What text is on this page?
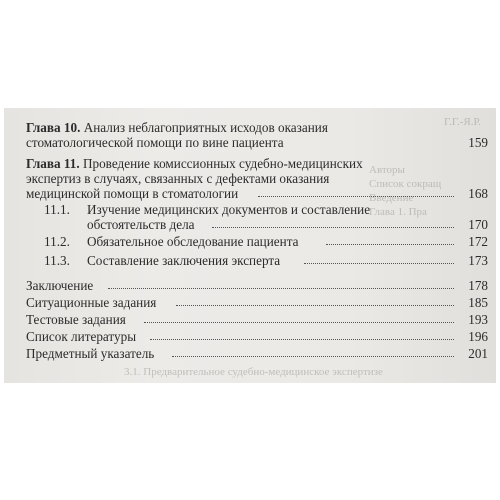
Г.Г.-Я.Р.
Авторы
Список сокращ
Введение
Глава 1. Пра
3.1. Предварительное судебно-медицинское экспертизе
Глава 10. Анализ неблагоприятных исходов оказания
стоматологической помощи по вине пациента	159
Глава 11. Проведение комиссионных судебно-медицинских
экспертиз в случаях, связанных с дефектами оказания
медицинской помощи в стоматологии	168
11.1. Изучение медицинских документов и составление
обстоятельств дела	170
11.2. Обязательное обследование пациента	172
11.3. Составление заключения эксперта	173
Заключение	178
Ситуационные задания	185
Тестовые задания	193
Список литературы	196
Предметный указатель	201
